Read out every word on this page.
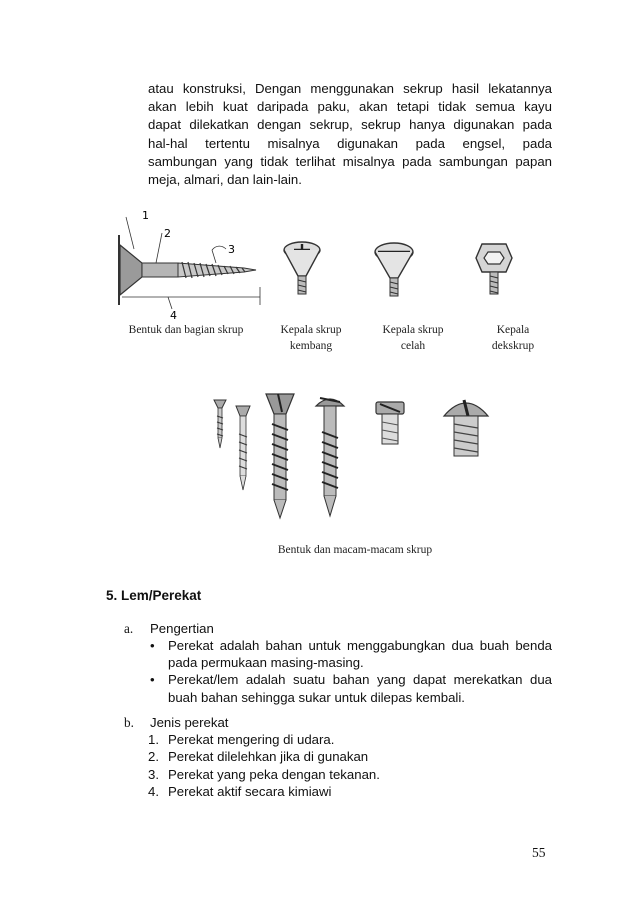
atau konstruksi, Dengan menggunakan sekrup hasil lekatannya
akan lebih kuat daripada paku, akan tetapi tidak semua kayu
dapat dilekatkan dengan sekrup, sekrup hanya digunakan pada
hal-hal tertentu misalnya digunakan pada engsel, pada
sambungan yang tidak terlihat misalnya pada sambungan papan
meja, almari, dan lain-lain.
1
2
3
4
Bentuk dan bagian skrup	Kepala skrup
kembang
Kepala skrup
celah
Kepala
dekskrup
Bentuk dan macam-macam skrup
5. Lem/Perekat
a. Pengertian
• Perekat adalah bahan untuk menggabungkan dua buah benda
pada permukaan masing-masing.
• Perekat/lem adalah suatu bahan yang dapat merekatkan dua
buah bahan sehingga sukar untuk dilepas kembali.
b. Jenis perekat
1. Perekat mengering di udara.
2. Perekat dilelehkan jika di gunakan
3. Perekat yang peka dengan tekanan.
4. Perekat aktif secara kimiawi
55
